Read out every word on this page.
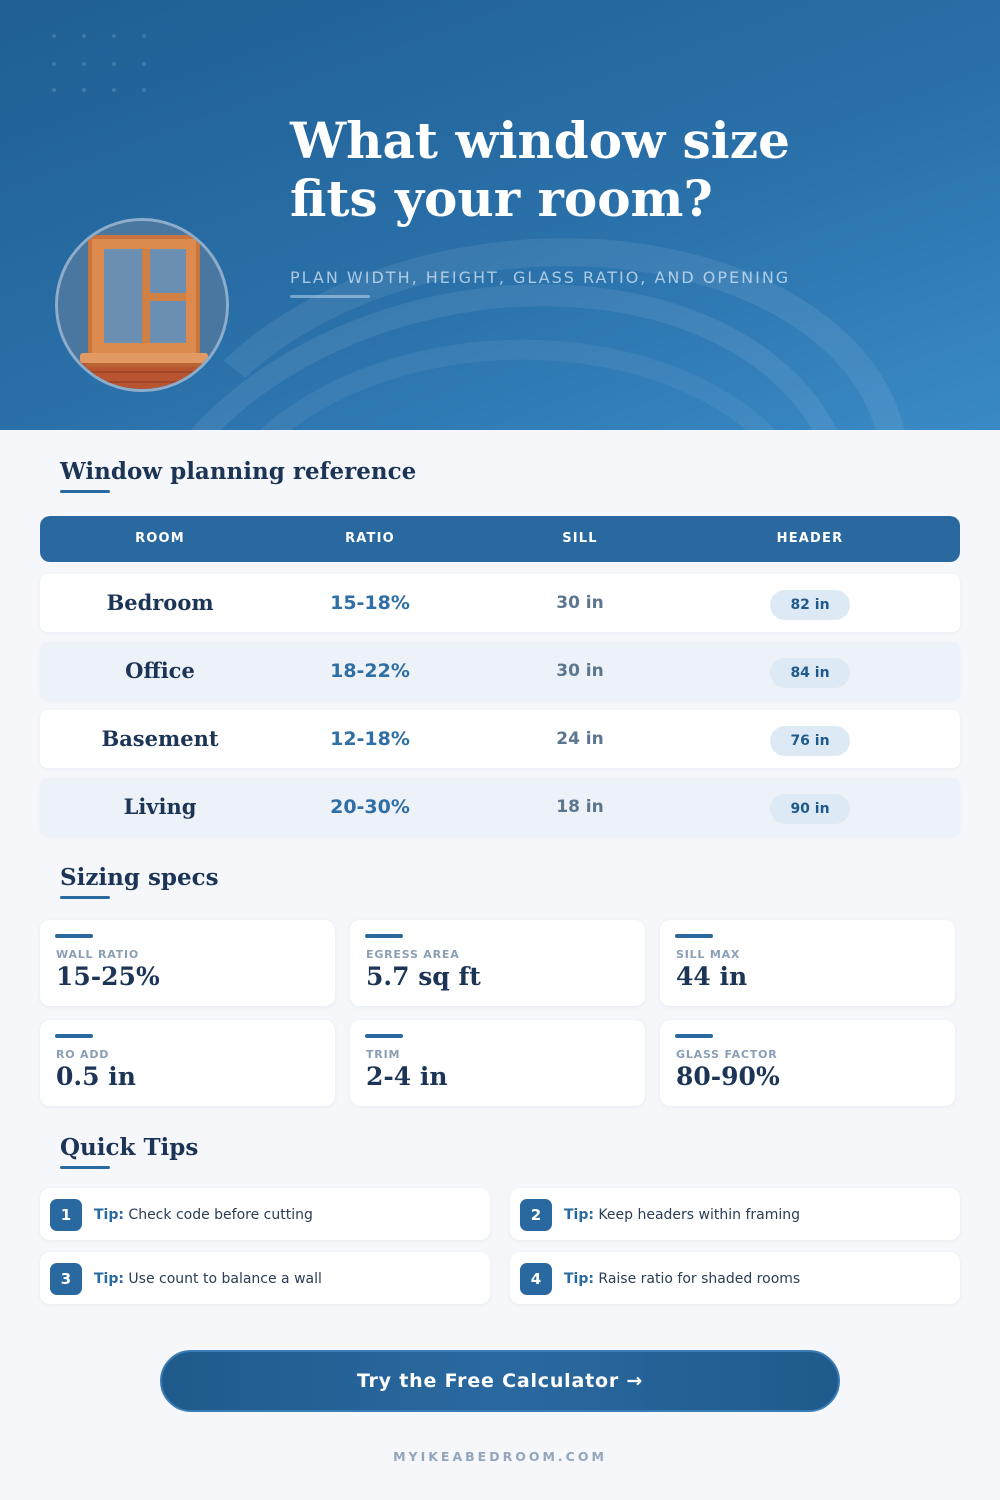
What window size
fits your room?
PLAN WIDTH, HEIGHT, GLASS RATIO, AND OPENING
Window planning reference
ROOM	RATIO	SILL	HEADER
Bedroom	15-18%	30 in	82 in
Office	18-22%	30 in	84 in
Basement	12-18%	24 in	76 in
Living	20-30%	18 in	90 in
Sizing specs
WALL RATIO
15-25%
EGRESS AREA
5.7 sq ft
SILL MAX
44 in
RO ADD
0.5 in
TRIM
2-4 in
GLASS FACTOR
80-90%
Quick Tips
1	Tip: Check code before cutting	2	Tip: Keep headers within framing
3	Tip: Use count to balance a wall	4	Tip: Raise ratio for shaded rooms
Try the Free Calculator →
MYIKEABEDROOM.COM
